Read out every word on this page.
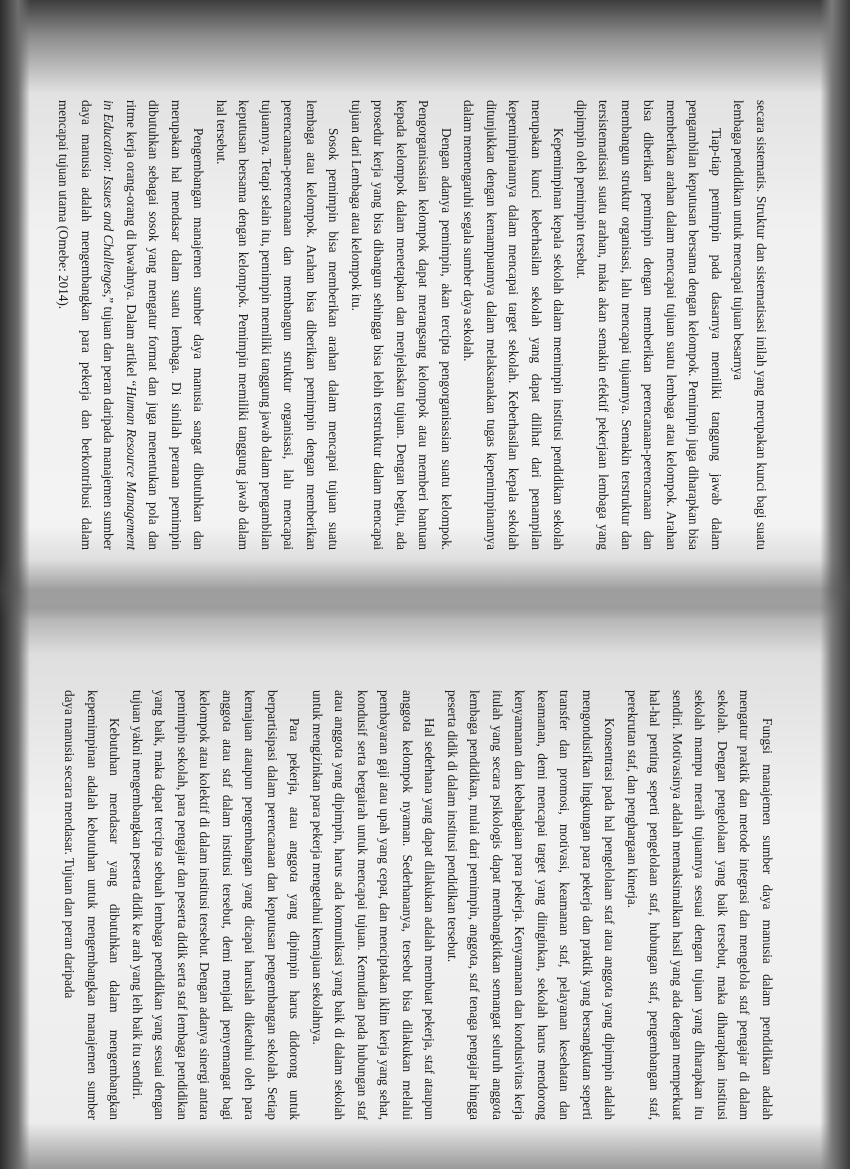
secara sistematis. Struktur dan sistematisasi inilah yang merupakan kunci bagi suatu lembaga pendidikan untuk mencapai tujuan besarnya

Tiap-tiap pemimpin pada dasarnya memiliki tanggung jawab dalam pengambilan keputusan bersama dengan kelompok. Pemimpin juga diharapkan bisa memberikan arahan dalam mencapai tujuan suatu lembaga atau kelompok. Arahan bisa diberikan pemimpin dengan memberikan perencanaan-perencanaan dan membangun struktur organisasi, lalu mencapai tujuannya. Semakin terstruktur dan tersistematisasi suatu arahan, maka akan semakin efektif pekerjaan lembaga yang dipimpin oleh pemimpin tersebut.

Kepemimpinan kepala sekolah dalam memimpin institusi pendidikan sekolah merupakan kunci keberhasilan sekolah yang dapat dilihat dari penampilan kepemimpinannya dalam mencapai target sekolah. Keberhasilan kepala sekolah ditunjukkan dengan kemampuannya dalam melaksanakan tugas kepemimpinannya dalam memengaruhi segala sumber daya sekolah.

Dengan adanya pemimpin, akan tercipta pengorganisasian suatu kelompok. Pengorganisasian kelompok dapat merangsang kelompok atau memberi bantuan kepada kelompok dalam menetapkan dan menjelaskan tujuan. Dengan begitu, ada prosedur kerja yang bisa dibangun sehingga bisa lebih terstruktur dalam mencapai tujuan dari Lembaga atau kelompok itu.

Sosok pemimpin bisa memberikan arahan dalam mencapai tujuan suatu lembaga atau kelompok. Arahan bisa diberikan pemimpin dengan memberikan perencanaan-perencanaan dan membangun struktur organisasi, lalu mencapai tujuannya. Tetapi selain itu, pemimpin memiliki tanggung jawab dalam pengambilan keputusan bersama dengan kelompok. Pemimpin memiliki tanggung jawab dalam hal tersebut.

Pengembangan manajemen sumber daya manusia sangat dibutuhkan dan merupakan hal mendasar dalam suatu lembaga. Di sinilah peranan pemimpin dibutuhkan sebagai sosok yang mengatur format dan juga menentukan pola dan ritme kerja orang-orang di bawahnya. Dalam artikel “Human Resource Management in Education: Issues and Challenges,” tujuan dan peran daripada manajemen sumber daya manusia adalah mengembangkan para pekerja dan berkontribusi dalam mencapai tujuan utama (Omebe: 2014).

Fungsi manajemen sumber daya manusia dalam pendidikan adalah mengatur praktik dan metode integrasi dan mengelola staf pengajar di dalam sekolah. Dengan pengelolaan yang baik tersebut, maka diharapkan institusi sekolah mampu meraih tujuannya sesuai dengan tujuan yang diharapkan itu sendiri. Motivasinya adalah memaksimalkan hasil yang ada dengan memperkuat hal-hal penting seperti pengelolaan staf, hubungan staf, pengembangan staf, perekrutan staf, dan penghargaan kinerja.

Konsentrasi pada hal pengelolaan staf atau anggota yang dipimpin adalah mengondusifkan lingkungan para pekerja dan praktik yang bersangkutan seperti transfer dan promosi, motivasi, keamanan staf, pelayanan kesehatan dan keamanan, demi mencapai target yang diinginkan, sekolah harus mendorong kenyamanan dan kebahagiaan para pekerja. Kenyamanan dan kondusivitas kerja itulah yang secara psikologis dapat membangkitkan semangat seluruh anggota lembaga pendidikan, mulai dari pemimpin, anggota, staf tenaga pengajar hingga peserta didik di dalam institusi pendidikan tersebut.

Hal sederhana yang dapat dilakukan adalah membuat pekerja, staf ataupun anggota kelompok nyaman. Sederhananya, tersebut bisa dilakukan melalui pembayaran gaji atau upah yang cepat, dan menciptakan iklim kerja yang sehat, kondusif serta bergairah untuk mencapai tujuan. Kemudian pada hubungan staf atau anggota yang dipimpin, harus ada komunikasi yang baik di dalam sekolah untuk mengizinkan para pekerja mengetahui kemajuan sekolahnya.

Para pekerja, atau anggota yang dipimpin harus didorong untuk berpartisipasi dalam perencanaan dan keputusan pengembangan sekolah. Setiap kemajuan ataupun pengembangan yang dicapai haruslah diketahui oleh para anggota atau staf dalam institusi tersebut, demi menjadi penyemangat bagi kelompok atau kolektif di dalam institusi tersebut. Dengan adanya sinergi antara pemimpin sekolah, para pengajar dan peserta didik serta staf lembaga pendidikan yang baik, maka dapat tercipta sebuah lembaga pendidikan yang sesuai dengan tujuan yakni mengembangkan peserta didik ke arah yang leih baik itu sendiri.

Kebutuhan mendasar yang dibutuhkan dalam mengembangkan kepemimpinan adalah kebutuhan untuk mengembangkan manajemen sumber daya manusia secara mendasar. Tujuan dan peran daripada
